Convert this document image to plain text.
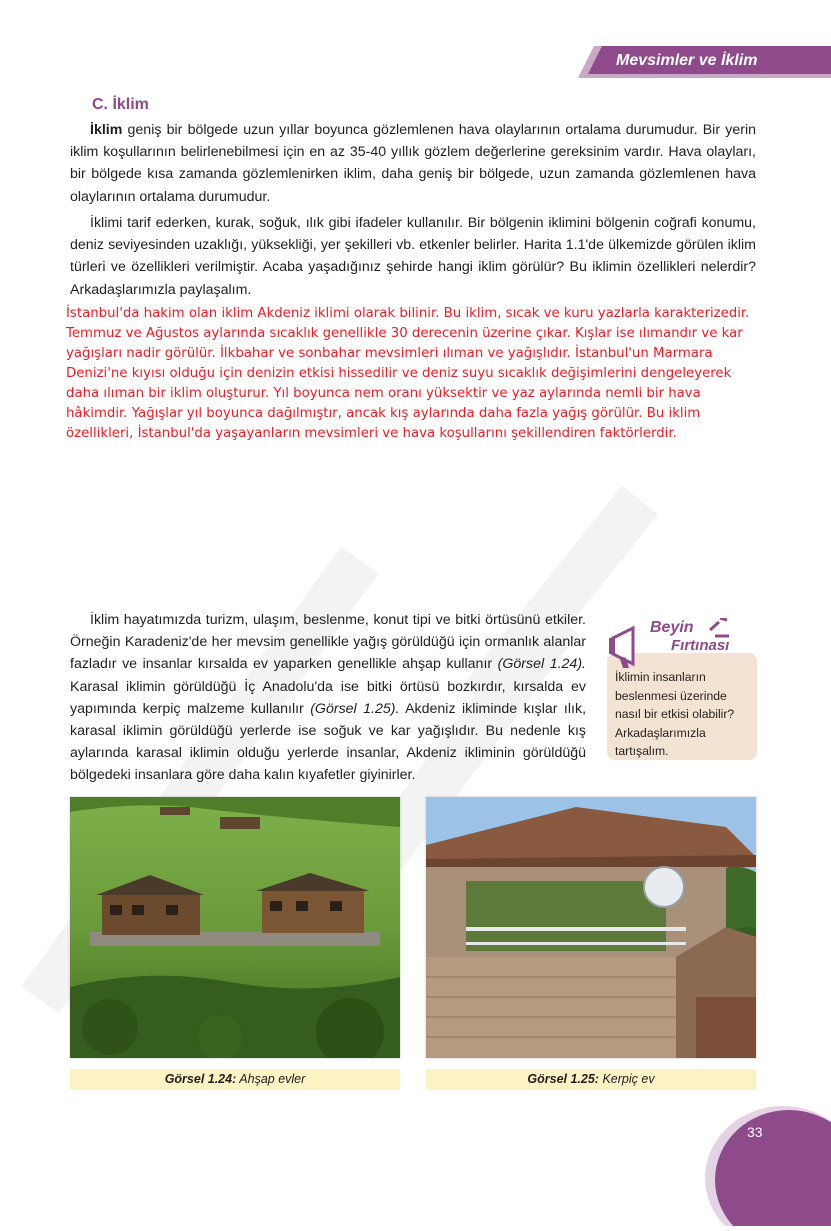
Mevsimler ve İklim
C. İklim

İklim geniş bir bölgede uzun yıllar boyunca gözlemlenen hava olaylarının ortalama durumudur. Bir yerin iklim koşullarının belirlenebilmesi için en az 35-40 yıllık gözlem değerlerine gereksinim vardır. Hava olayları, bir bölgede kısa zamanda gözlemlenirken iklim, daha geniş bir bölgede, uzun zamanda gözlemlenen hava olaylarının ortalama durumudur.

İklimi tarif ederken, kurak, soğuk, ılık gibi ifadeler kullanılır. Bir bölgenin iklimini bölgenin coğrafi konumu, deniz seviyesinden uzaklığı, yüksekliği, yer şekilleri vb. etkenler belirler. Harita 1.1'de ülkemizde görülen iklim türleri ve özellikleri verilmiştir. Acaba yaşadığınız şehirde hangi iklim görülür? Bu iklimin özellikleri nelerdir? Arkadaşlarımızla paylaşalım.

İstanbul'da hakim olan iklim Akdeniz iklimi olarak bilinir. Bu iklim, sıcak ve kuru yazlarla karakterizedir. Temmuz ve Ağustos aylarında sıcaklık genellikle 30 derecenin üzerine çıkar. Kışlar ise ılımandır ve kar yağışları nadir görülür. İlkbahar ve sonbahar mevsimleri ılıman ve yağışlıdır. İstanbul'un Marmara Denizi'ne kıyısı olduğu için denizin etkisi hissedilir ve deniz suyu sıcaklık değişimlerini dengeleyerek daha ılıman bir iklim oluşturur. Yıl boyunca nem oranı yüksektir ve yaz aylarında nemli bir hava hâkimdir. Yağışlar yıl boyunca dağılmıştır, ancak kış aylarında daha fazla yağış görülür. Bu iklim özellikleri, İstanbul'da yaşayanların mevsimleri ve hava koşullarını şekillendiren faktörlerdir.

İklim hayatımızda turizm, ulaşım, beslenme, konut tipi ve bitki örtüsünü etkiler. Örneğin Karadeniz'de her mevsim genellikle yağış görüldüğü için ormanlık alanlar fazladır ve insanlar kırsalda ev yaparken genellikle ahşap kullanır (Görsel 1.24). Karasal iklimin görüldüğü İç Anadolu'da ise bitki örtüsü bozkırdır, kırsalda ev yapımında kerpiç malzeme kullanılır (Görsel 1.25). Akdeniz ikliminde kışlar ılık, karasal iklimin görüldüğü yerlerde ise soğuk ve kar yağışlıdır. Bu nedenle kış aylarında karasal iklimin olduğu yerlerde insanlar, Akdeniz ikliminin görüldüğü bölgedeki insanlara göre daha kalın kıyafetler giyinirler.

Beyin
Fırtınası

İklimin insanların beslenmesi üzerinde nasıl bir etkisi olabilir? Arkadaşlarımızla tartışalım.

Görsel 1.24: Ahşap evler	Görsel 1.25: Kerpiç ev
33
